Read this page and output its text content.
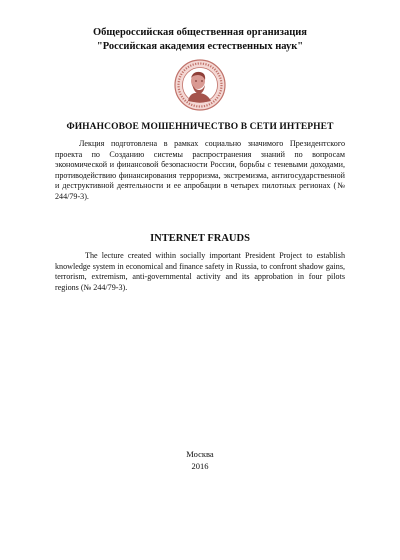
Общероссийская общественная организация
"Российская академия естественных наук"
ФИНАНСОВОЕ МОШЕННИЧЕСТВО В СЕТИ ИНТЕРНЕТ

Лекция подготовлена в рамках социально значимого Президентского проекта по Созданию системы распространения знаний по вопросам экономической и финансовой безопасности России, борьбы с теневыми доходами, противодействию финансирования терроризма, экстремизма, антигосударственной и деструктивной деятельности и ее апробации в четырех пилотных регионах (№ 244/79-3).

INTERNET FRAUDS

The lecture created within socially important President Project to establish knowledge system in economical and finance safety in Russia, to confront shadow gains, terrorism, extremism, anti-governmental activity and its approbation in four pilots regions (№ 244/79-3).

Москва
2016
